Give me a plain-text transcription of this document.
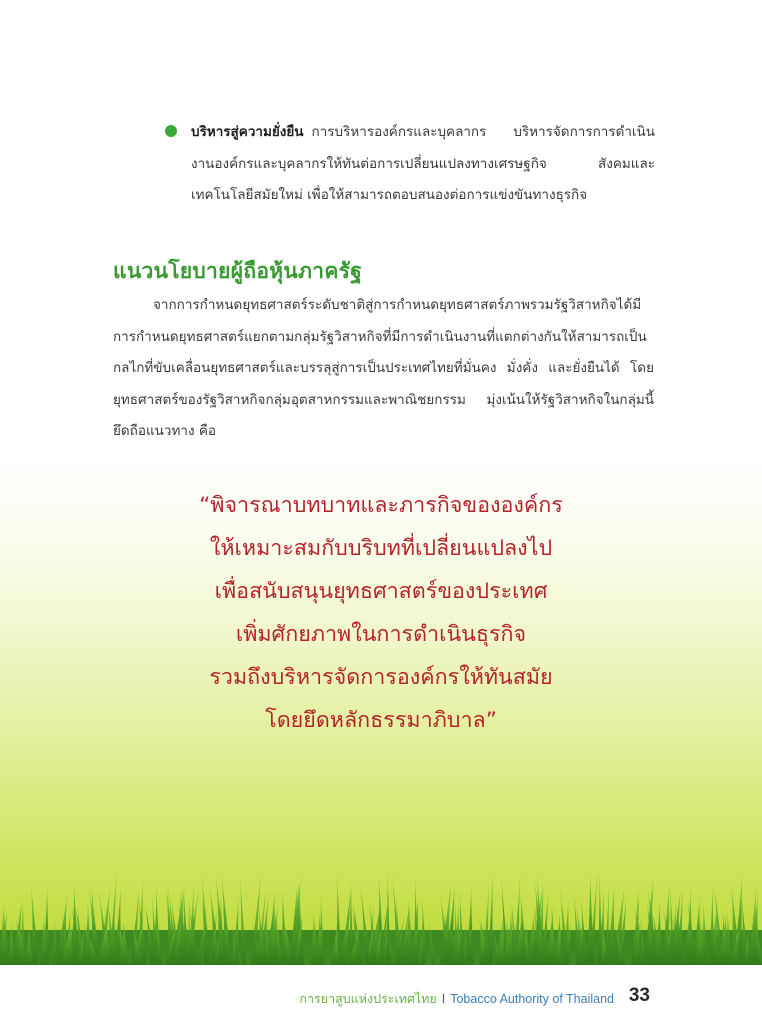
บริหารสู่ความยั่งยืน การบริหารองค์กรและบุคลากร บริหารจัดการการดำเนินงานองค์กรและบุคลากรให้ทันต่อการเปลี่ยนแปลงทางเศรษฐกิจ สังคมและเทคโนโลยีสมัยใหม่ เพื่อให้สามารถตอบสนองต่อการแข่งขันทางธุรกิจ
แนวนโยบายผู้ถือหุ้นภาครัฐ

จากการกำหนดยุทธศาสตร์ระดับชาติสู่การกำหนดยุทธศาสตร์ภาพรวมรัฐวิสาหกิจได้มีการกำหนดยุทธศาสตร์แยกตามกลุ่มรัฐวิสาหกิจที่มีการดำเนินงานที่แตกต่างกันให้สามารถเป็นกลไกที่ขับเคลื่อนยุทธศาสตร์และบรรลุสู่การเป็นประเทศไทยที่มั่นคง มั่งคั่ง และยั่งยืนได้ โดยยุทธศาสตร์ของรัฐวิสาหกิจกลุ่มอุตสาหกรรมและพาณิชยกรรม มุ่งเน้นให้รัฐวิสาหกิจในกลุ่มนี้ยึดถือแนวทาง คือ

“พิจารณาบทบาทและภารกิจขององค์กร
ให้เหมาะสมกับบริบทที่เปลี่ยนแปลงไป
เพื่อสนับสนุนยุทธศาสตร์ของประเทศ
เพิ่มศักยภาพในการดำเนินธุรกิจ
รวมถึงบริหารจัดการองค์กรให้ทันสมัย
โดยยึดหลักธรรมาภิบาล”
การยาสูบแห่งประเทศไทย I Tobacco Authority of Thailand 33
